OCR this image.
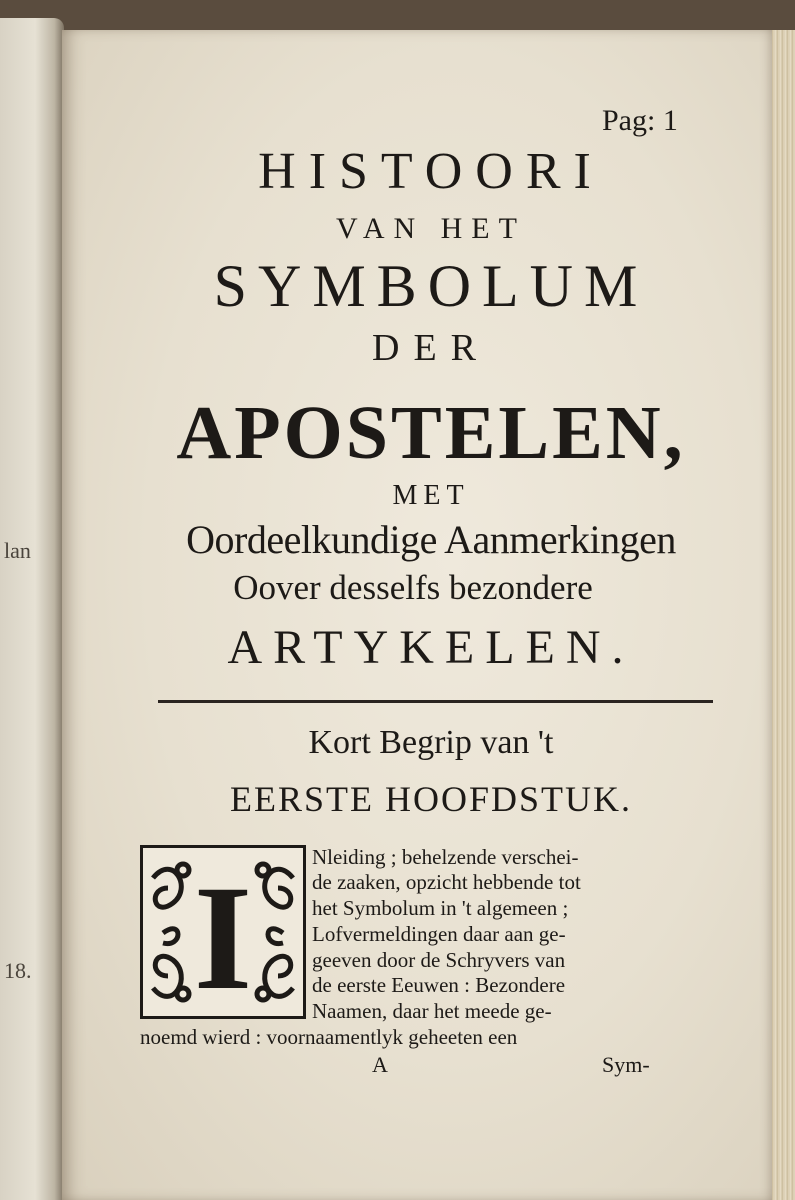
lan
18.
Pag: 1
HISTOORI
VAN HET
SYMBOLUM
DER
APOSTELEN,
MET
Oordeelkundige Aanmerkingen
Oover desselfs bezondere
ARTYKELEN.
Kort Begrip van 't
EERSTE HOOFDSTUK.
I	Nleiding ; behelzende verschei-
de zaaken, opzicht hebbende tot
het Symbolum in 't algemeen ;
Lofvermeldingen daar aan ge-
geeven door de Schryvers van
de eerste Eeuwen : Bezondere
Naamen, daar het meede ge-
noemd wierd : voornaamentlyk geheeten een
A	Sym-
